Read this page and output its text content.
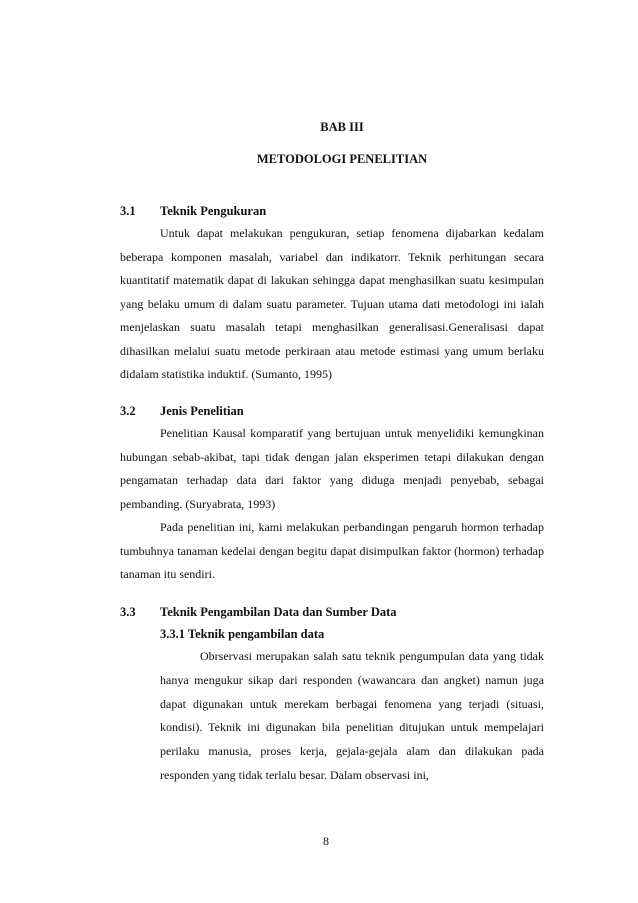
BAB III
METODOLOGI PENELITIAN
3.1	Teknik Pengukuran

Untuk dapat melakukan pengukuran, setiap fenomena dijabarkan kedalam beberapa komponen masalah, variabel dan indikatorr. Teknik perhitungan secara kuantitatif matematik dapat di lakukan sehingga dapat menghasilkan suatu kesimpulan yang belaku umum di dalam suatu parameter. Tujuan utama dati metodologi ini ialah menjelaskan suatu masalah tetapi menghasilkan generalisasi.Generalisasi dapat dihasilkan melalui suatu metode perkiraan atau metode estimasi yang umum berlaku didalam statistika induktif. (Sumanto, 1995)

3.2	Jenis Penelitian

Penelitian Kausal komparatif yang bertujuan untuk menyelidiki kemungkinan hubungan sebab-akibat, tapi tidak dengan jalan eksperimen tetapi dilakukan dengan pengamatan terhadap data dari faktor yang diduga menjadi penyebab, sebagai pembanding. (Suryabrata, 1993)

Pada penelitian ini, kami melakukan perbandingan pengaruh hormon terhadap tumbuhnya tanaman kedelai dengan begitu dapat disimpulkan faktor (hormon) terhadap tanaman itu sendiri.

3.3	Teknik Pengambilan Data dan Sumber Data
3.3.1 Teknik pengambilan data

Obrservasi merupakan salah satu teknik pengumpulan data yang tidak hanya mengukur sikap dari responden (wawancara dan angket) namun juga dapat digunakan untuk merekam berbagai fenomena yang terjadi (situasi, kondisi). Teknik ini digunakan bila penelitian ditujukan untuk mempelajari perilaku manusia, proses kerja, gejala-gejala alam dan dilakukan pada responden yang tidak terlalu besar. Dalam observasi ini,

8
